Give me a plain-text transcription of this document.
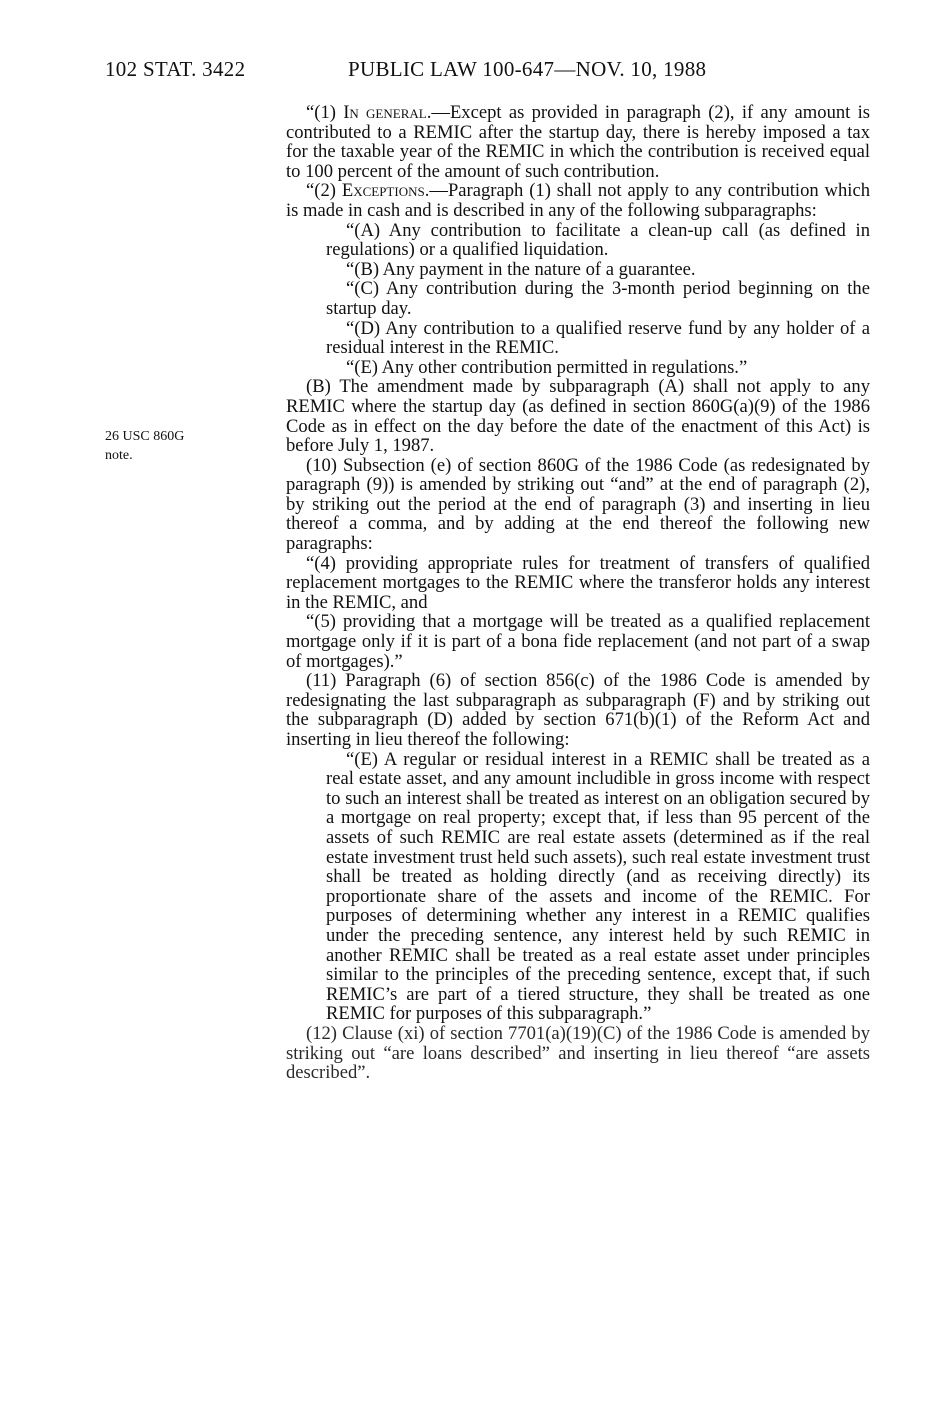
102 STAT. 3422	PUBLIC LAW 100-647—NOV. 10, 1988
26 USC 860G
note.

“(1) In general.—Except as provided in paragraph (2), if any amount is contributed to a REMIC after the startup day, there is hereby imposed a tax for the taxable year of the REMIC in which the contribution is received equal to 100 percent of the amount of such contribution.

“(2) Exceptions.—Paragraph (1) shall not apply to any contribution which is made in cash and is described in any of the following subparagraphs:

“(A) Any contribution to facilitate a clean-up call (as defined in regulations) or a qualified liquidation.

“(B) Any payment in the nature of a guarantee.

“(C) Any contribution during the 3-month period beginning on the startup day.

“(D) Any contribution to a qualified reserve fund by any holder of a residual interest in the REMIC.

“(E) Any other contribution permitted in regulations.”

(B) The amendment made by subparagraph (A) shall not apply to any REMIC where the startup day (as defined in section 860G(a)(9) of the 1986 Code as in effect on the day before the date of the enactment of this Act) is before July 1, 1987.

(10) Subsection (e) of section 860G of the 1986 Code (as redesignated by paragraph (9)) is amended by striking out “and” at the end of paragraph (2), by striking out the period at the end of paragraph (3) and inserting in lieu thereof a comma, and by adding at the end thereof the following new paragraphs:

“(4) providing appropriate rules for treatment of transfers of qualified replacement mortgages to the REMIC where the transferor holds any interest in the REMIC, and

“(5) providing that a mortgage will be treated as a qualified replacement mortgage only if it is part of a bona fide replacement (and not part of a swap of mortgages).”

(11) Paragraph (6) of section 856(c) of the 1986 Code is amended by redesignating the last subparagraph as subparagraph (F) and by striking out the subparagraph (D) added by section 671(b)(1) of the Reform Act and inserting in lieu thereof the following:

“(E) A regular or residual interest in a REMIC shall be treated as a real estate asset, and any amount includible in gross income with respect to such an interest shall be treated as interest on an obligation secured by a mortgage on real property; except that, if less than 95 percent of the assets of such REMIC are real estate assets (determined as if the real estate investment trust held such assets), such real estate investment trust shall be treated as holding directly (and as receiving directly) its proportionate share of the assets and income of the REMIC. For purposes of determining whether any interest in a REMIC qualifies under the preceding sentence, any interest held by such REMIC in another REMIC shall be treated as a real estate asset under principles similar to the principles of the preceding sentence, except that, if such REMIC’s are part of a tiered structure, they shall be treated as one REMIC for purposes of this subparagraph.”

(12) Clause (xi) of section 7701(a)(19)(C) of the 1986 Code is amended by striking out “are loans described” and inserting in lieu thereof “are assets described”.
